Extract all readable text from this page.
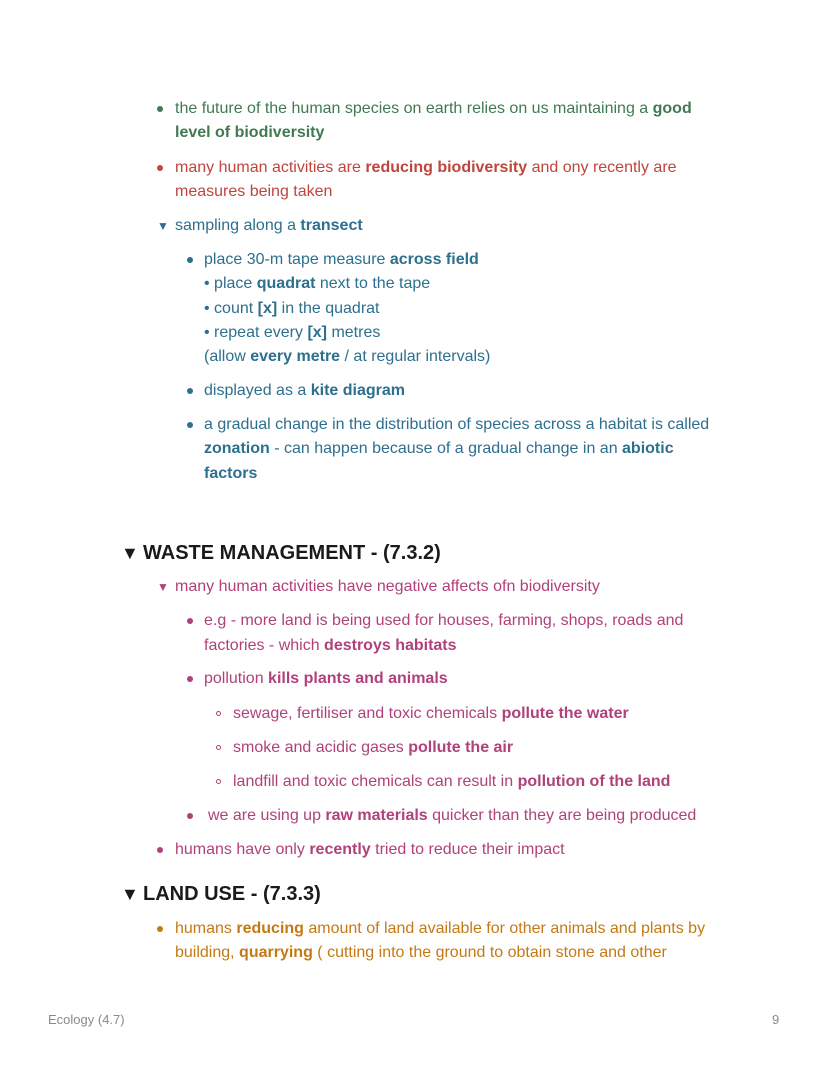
the future of the human species on earth relies on us maintaining a good
level of biodiversity
many human activities are reducing biodiversity and ony recently are
measures being taken
▼ sampling along a transect
place 30-m tape measure across field
• place quadrat next to the tape
• count [x] in the quadrat
• repeat every [x] metres
(allow every metre / at regular intervals)
displayed as a kite diagram
a gradual change in the distribution of species across a habitat is called
zonation - can happen because of a gradual change in an abiotic
factors
▼ WASTE MANAGEMENT - (7.3.2)
▼ many human activities have negative affects ofn biodiversity
e.g - more land is being used for houses, farming, shops, roads and
factories - which destroys habitats
pollution kills plants and animals
sewage, fertiliser and toxic chemicals pollute the water
smoke and acidic gases pollute the air
landfill and toxic chemicals can result in pollution of the land
we are using up raw materials quicker than they are being produced
humans have only recently tried to reduce their impact
▼ LAND USE - (7.3.3)
humans reducing amount of land available for other animals and plants by
building, quarrying ( cutting into the ground to obtain stone and other
Ecology (4.7)	9
